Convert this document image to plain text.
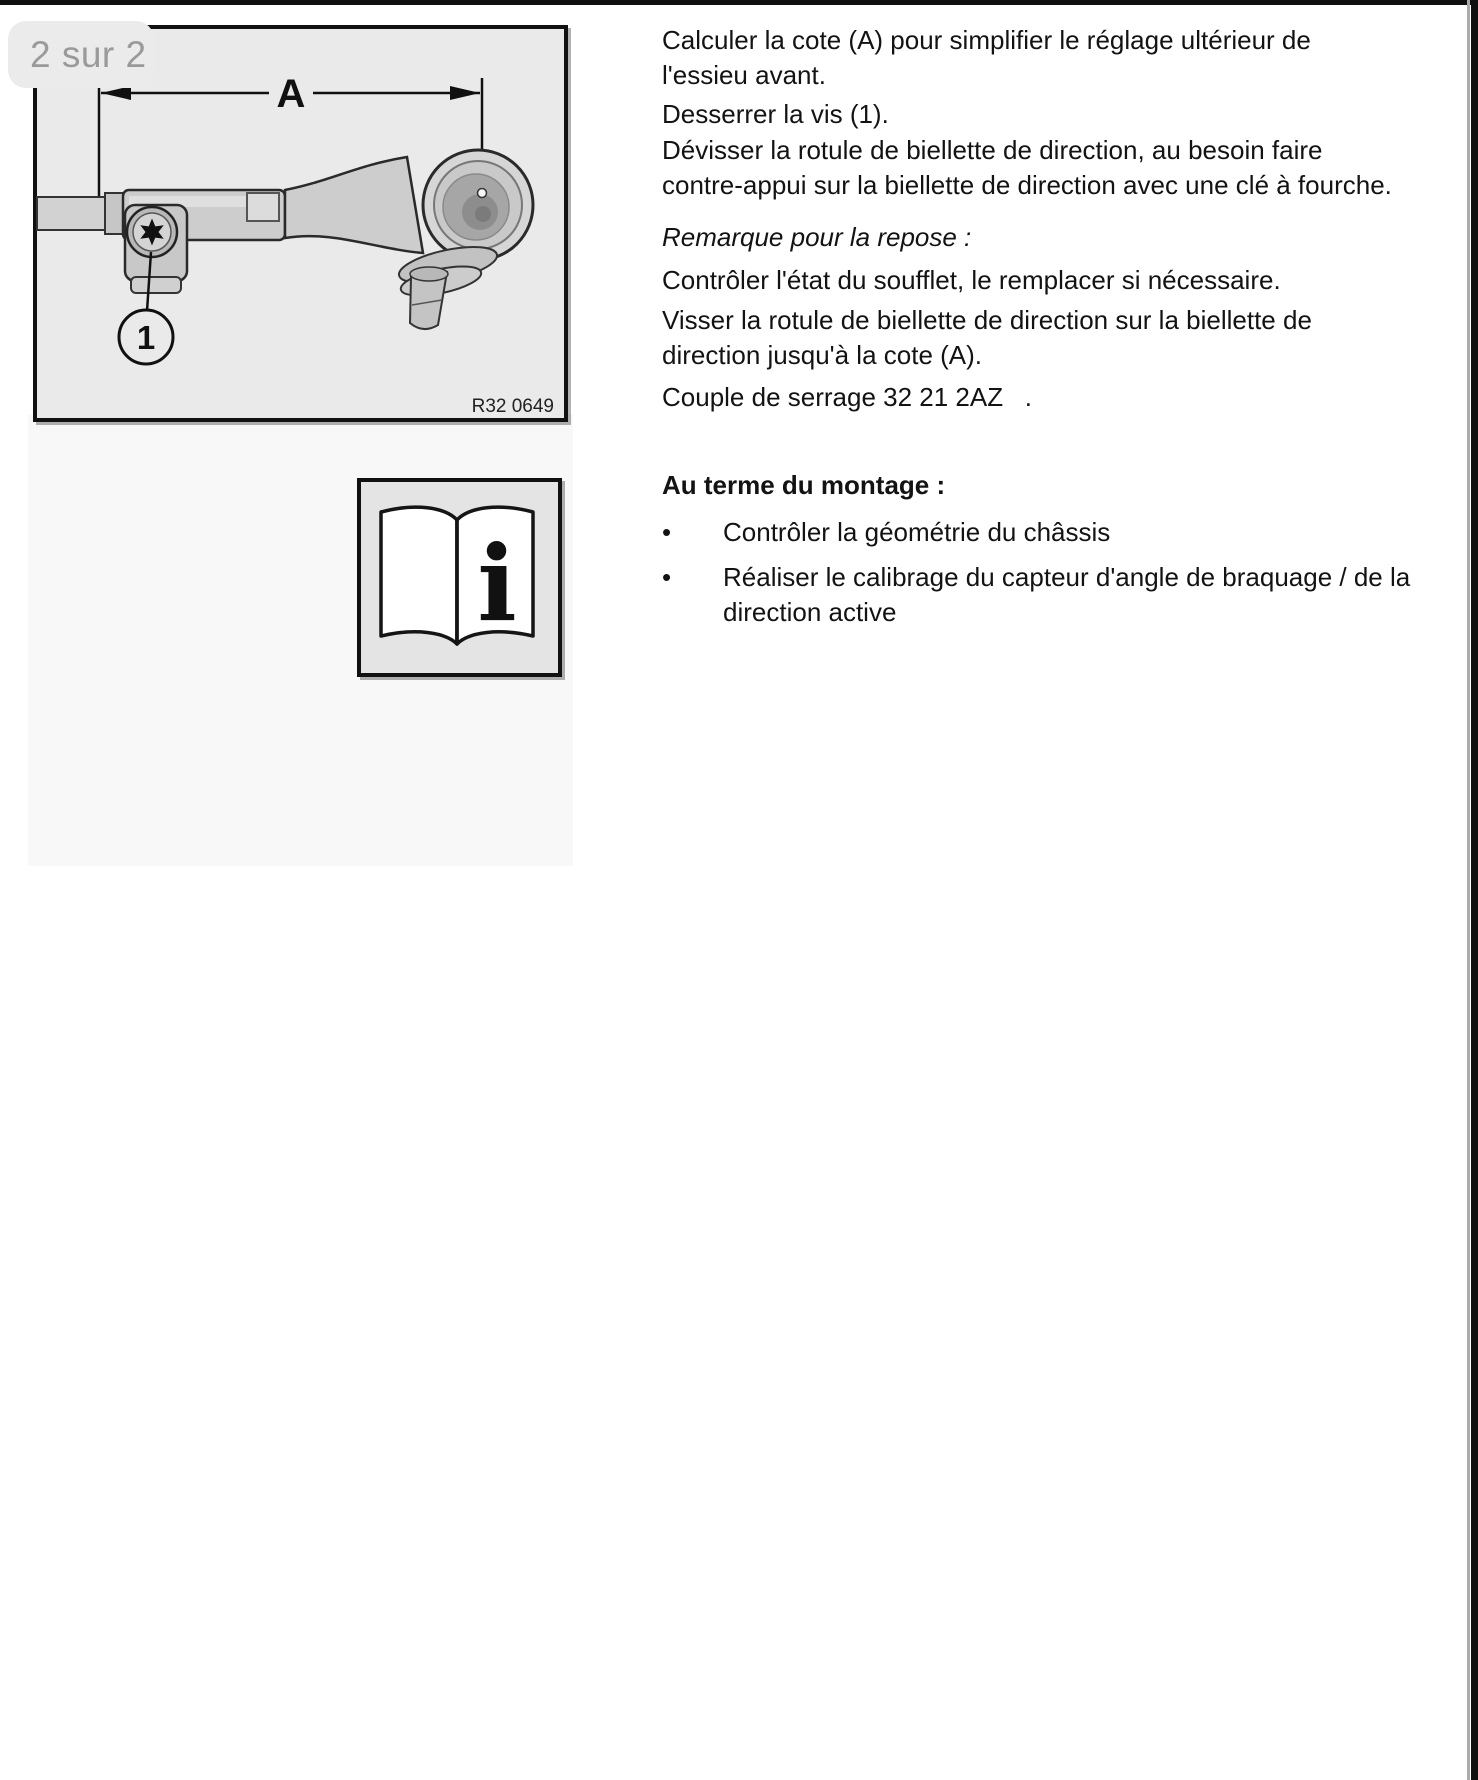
A
1
R32 0649
i
2 sur 2	Calculer la cote (A) pour simplifier le réglage ultérieur de
l'essieu avant.
Desserrer la vis (1).
Dévisser la rotule de biellette de direction, au besoin faire
contre-appui sur la biellette de direction avec une clé à fourche.
Remarque pour la repose :
Contrôler l'état du soufflet, le remplacer si nécessaire.
Visser la rotule de biellette de direction sur la biellette de
direction jusqu'à la cote (A).
Couple de serrage 32 21 2AZ   .
Au terme du montage :
•	Contrôler la géométrie du châssis
•	Réaliser le calibrage du capteur d'angle de braquage / de la
direction active
